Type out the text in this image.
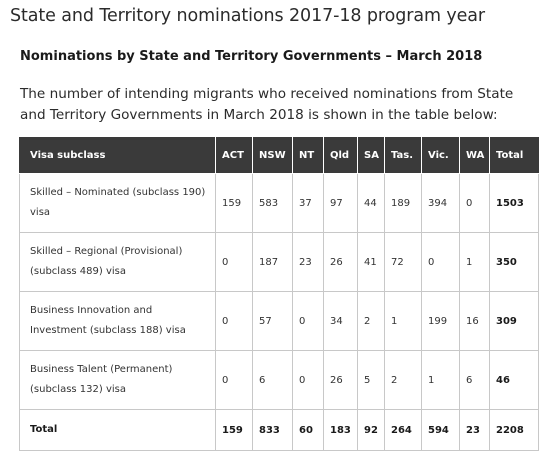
State and Territory nominations 2017-18 program year
Nominations by State and Territory Governments – March 2018
The number of intending migrants who received nominations from State and Territory Governments in March 2018 is shown in the table below:
Visa subclass	ACT	NSW	NT	Qld	SA	Tas.	Vic.	WA	Total
Skilled – Nominated (subclass 190) visa	159	583	37	97	44	189	394	0	1503
Skilled – Regional (Provisional) (subclass 489) visa	0	187	23	26	41	72	0	1	350
Business Innovation and Investment (subclass 188) visa	0	57	0	34	2	1	199	16	309
Business Talent (Permanent) (subclass 132) visa	0	6	0	26	5	2	1	6	46
Total	159	833	60	183	92	264	594	23	2208
